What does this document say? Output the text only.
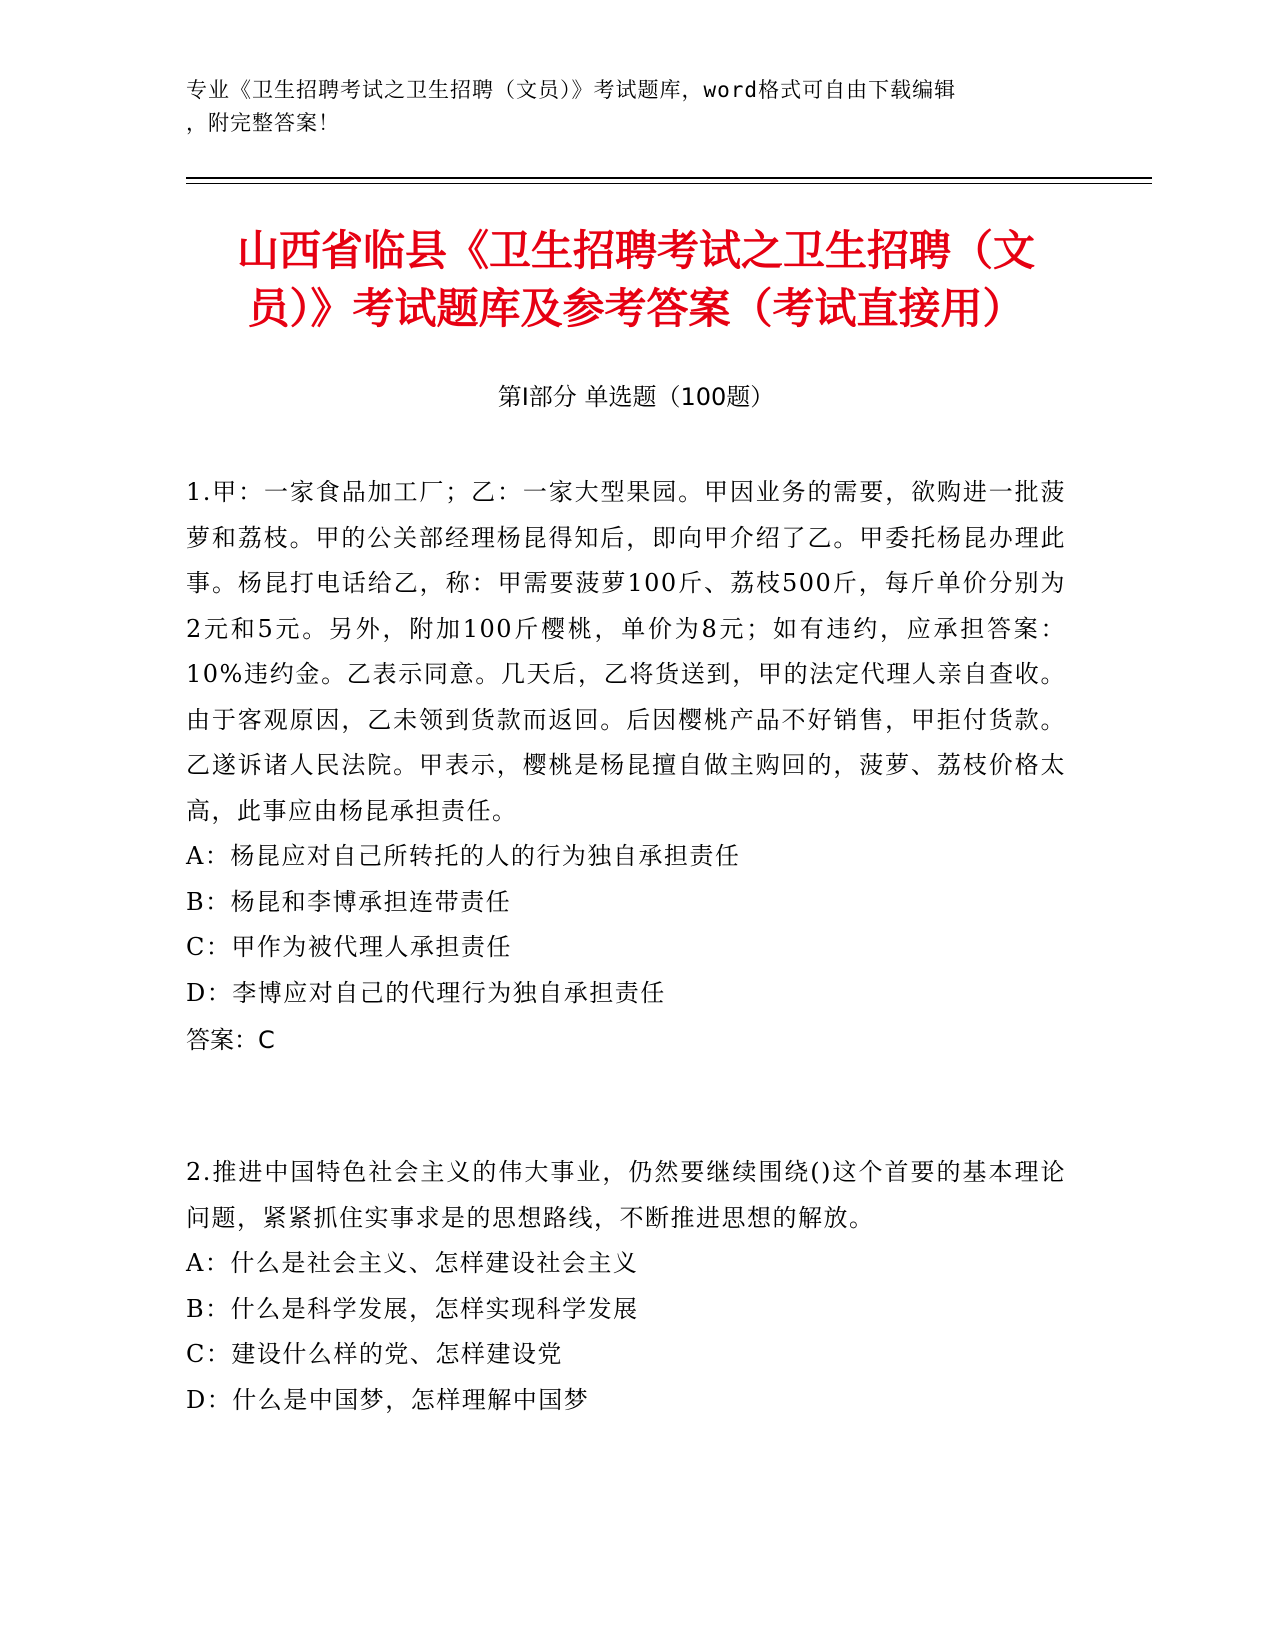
专业《卫生招聘考试之卫生招聘（文员）》考试题库，word格式可自由下载编辑
，附完整答案！
山西省临县《卫生招聘考试之卫生招聘（文
员）》考试题库及参考答案（考试直接用）
第Ⅰ部分 单选题（100题）

1.甲：一家食品加工厂；乙：一家大型果园。甲因业务的需要，欲购进一批菠萝和荔枝。甲的公关部经理杨昆得知后，即向甲介绍了乙。甲委托杨昆办理此事。杨昆打电话给乙，称：甲需要菠萝100斤、荔枝500斤，每斤单价分别为2元和5元。另外，附加100斤樱桃，单价为8元；如有违约，应承担答案：10%违约金。乙表示同意。几天后，乙将货送到，甲的法定代理人亲自查收。由于客观原因，乙未领到货款而返回。后因樱桃产品不好销售，甲拒付货款。乙遂诉诸人民法院。甲表示，樱桃是杨昆擅自做主购回的，菠萝、荔枝价格太高，此事应由杨昆承担责任。

A：杨昆应对自己所转托的人的行为独自承担责任

B：杨昆和李博承担连带责任

C：甲作为被代理人承担责任

D：李博应对自己的代理行为独自承担责任

答案：C

2.推进中国特色社会主义的伟大事业，仍然要继续围绕()这个首要的基本理论问题，紧紧抓住实事求是的思想路线，不断推进思想的解放。

A：什么是社会主义、怎样建设社会主义

B：什么是科学发展，怎样实现科学发展

C：建设什么样的党、怎样建设党

D：什么是中国梦，怎样理解中国梦
